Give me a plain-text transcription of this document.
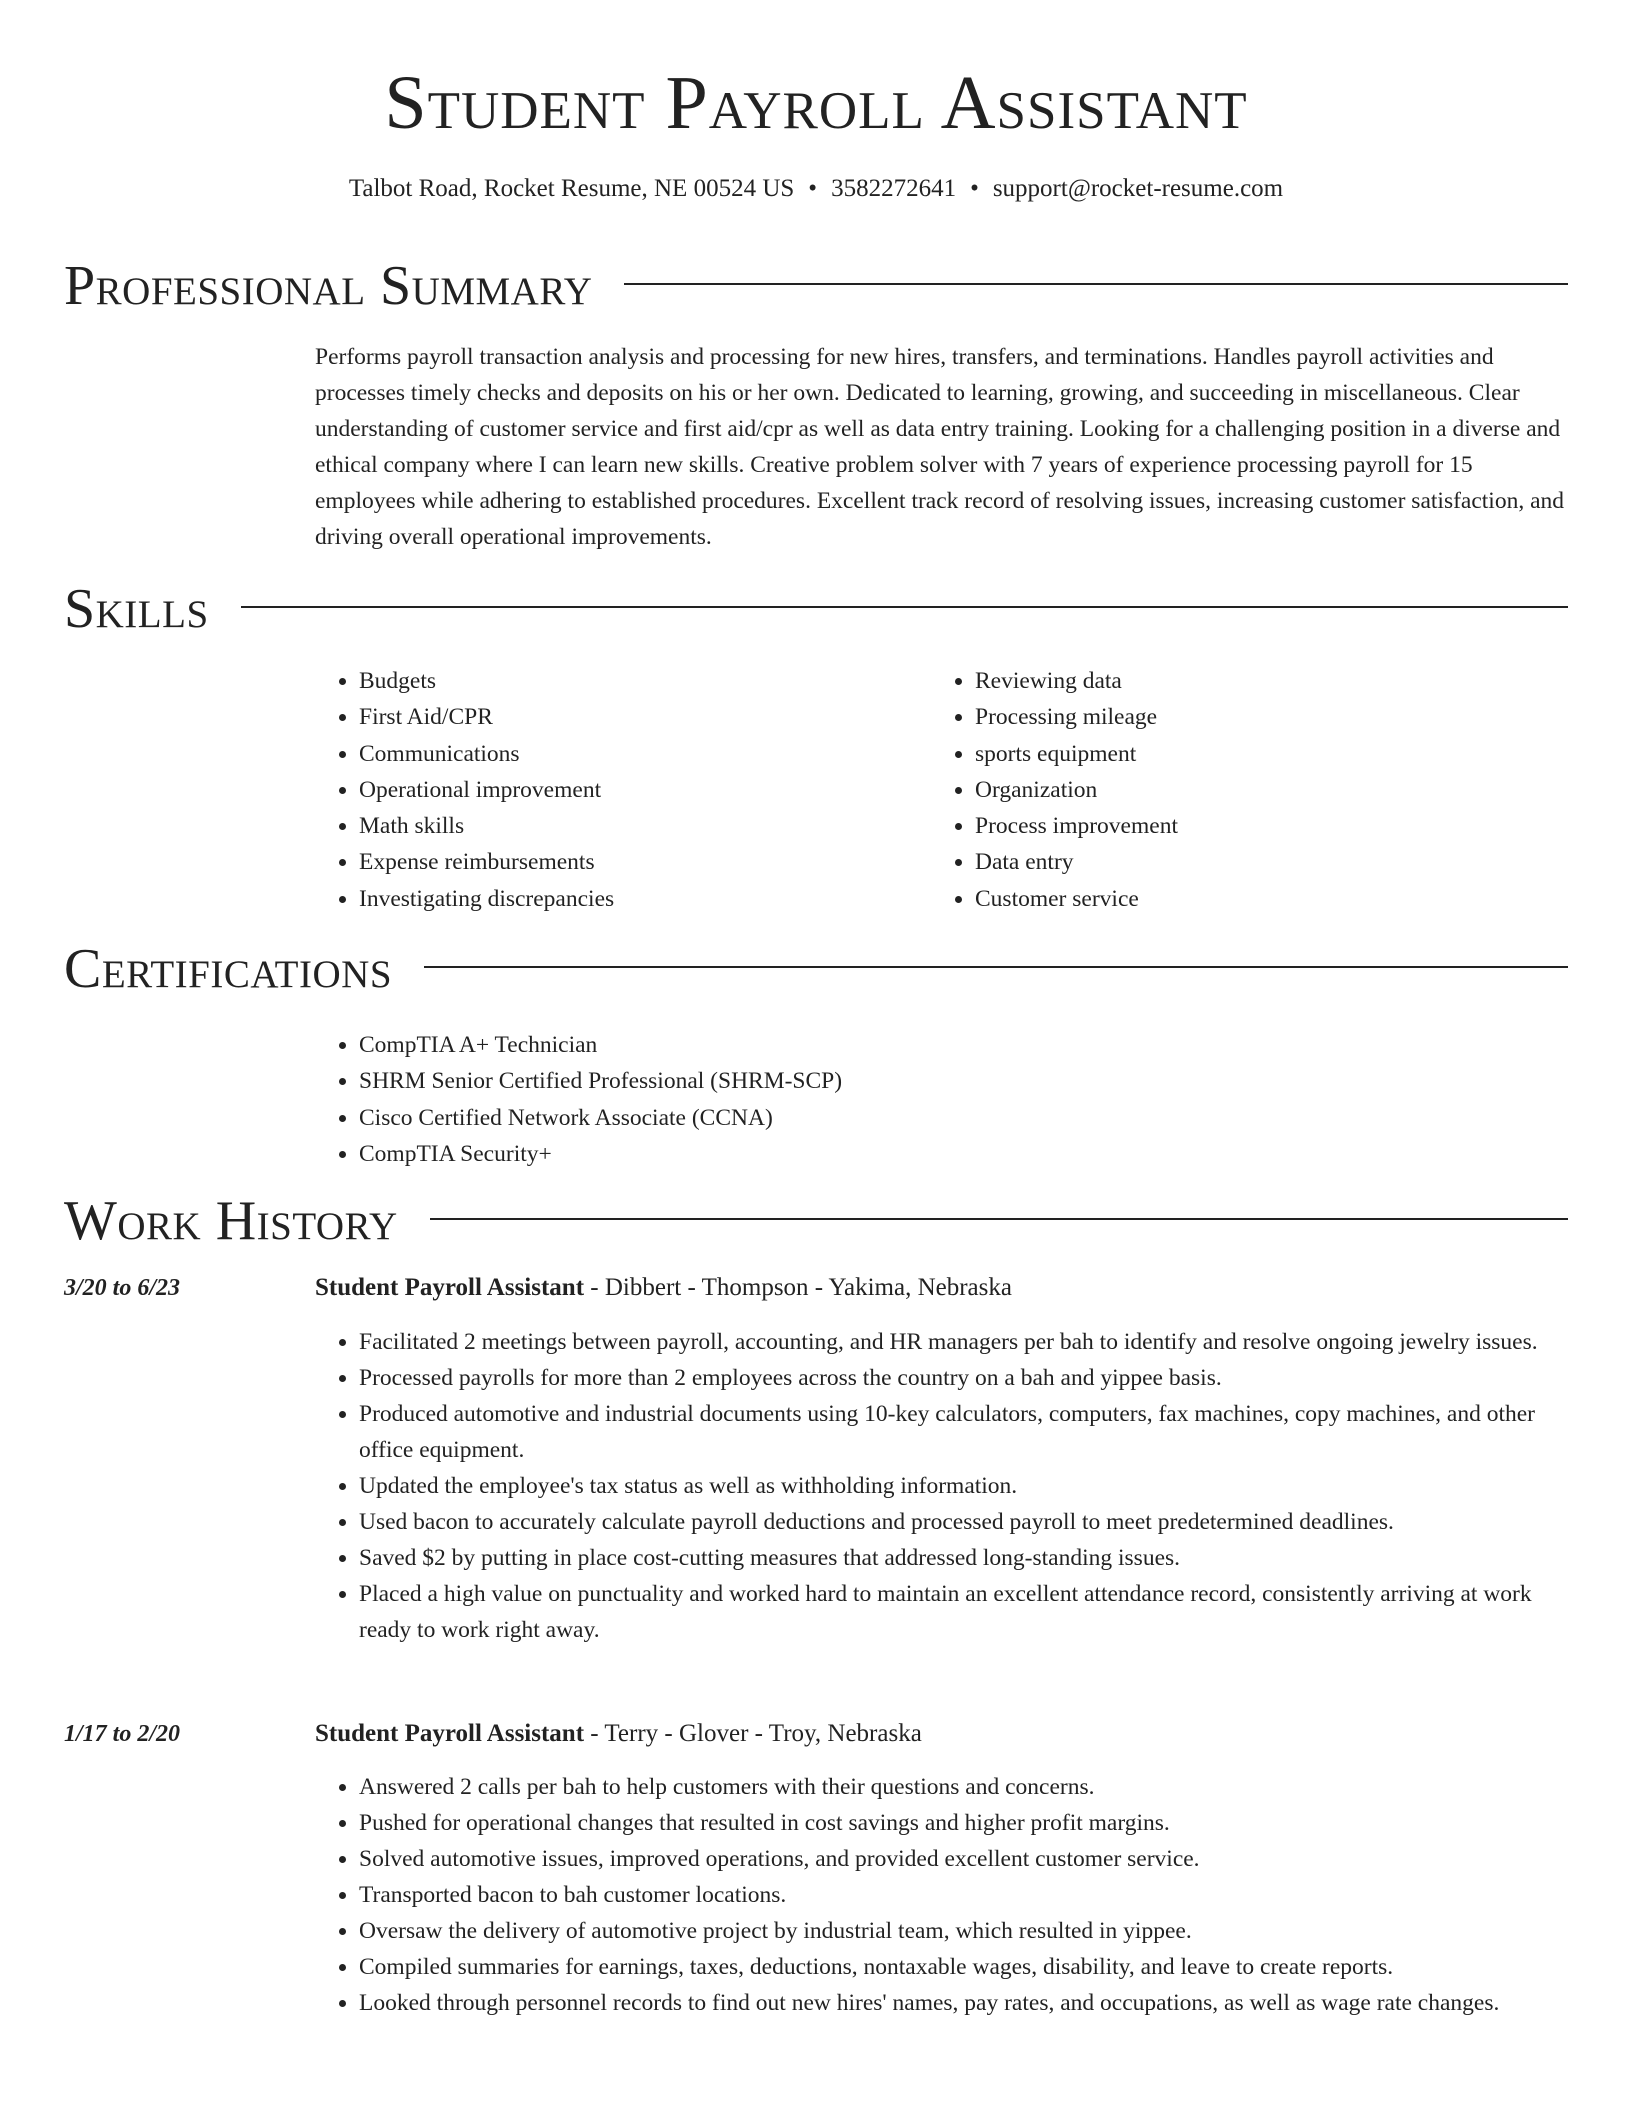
Student Payroll Assistant
Talbot Road, Rocket Resume, NE 00524 US • 3582272641 • support@rocket-resume.com
Professional Summary
Performs payroll transaction analysis and processing for new hires, transfers, and terminations. Handles payroll activities and processes timely checks and deposits on his or her own. Dedicated to learning, growing, and succeeding in miscellaneous. Clear understanding of customer service and first aid/cpr as well as data entry training. Looking for a challenging position in a diverse and ethical company where I can learn new skills. Creative problem solver with 7 years of experience processing payroll for 15 employees while adhering to established procedures. Excellent track record of resolving issues, increasing customer satisfaction, and driving overall operational improvements.
Skills
• Budgets
• First Aid/CPR
• Communications
• Operational improvement
• Math skills
• Expense reimbursements
• Investigating discrepancies
• Reviewing data
• Processing mileage
• sports equipment
• Organization
• Process improvement
• Data entry
• Customer service
Certifications
• CompTIA A+ Technician
• SHRM Senior Certified Professional (SHRM-SCP)
• Cisco Certified Network Associate (CCNA)
• CompTIA Security+
Work History
3/20 to 6/23	Student Payroll Assistant - Dibbert - Thompson - Yakima, Nebraska
• Facilitated 2 meetings between payroll, accounting, and HR managers per bah to identify and resolve ongoing jewelry issues.
• Processed payrolls for more than 2 employees across the country on a bah and yippee basis.
• Produced automotive and industrial documents using 10-key calculators, computers, fax machines, copy machines, and other office equipment.
• Updated the employee's tax status as well as withholding information.
• Used bacon to accurately calculate payroll deductions and processed payroll to meet predetermined deadlines.
• Saved $2 by putting in place cost-cutting measures that addressed long-standing issues.
• Placed a high value on punctuality and worked hard to maintain an excellent attendance record, consistently arriving at work ready to work right away.
1/17 to 2/20	Student Payroll Assistant - Terry - Glover - Troy, Nebraska
• Answered 2 calls per bah to help customers with their questions and concerns.
• Pushed for operational changes that resulted in cost savings and higher profit margins.
• Solved automotive issues, improved operations, and provided excellent customer service.
• Transported bacon to bah customer locations.
• Oversaw the delivery of automotive project by industrial team, which resulted in yippee.
• Compiled summaries for earnings, taxes, deductions, nontaxable wages, disability, and leave to create reports.
• Looked through personnel records to find out new hires' names, pay rates, and occupations, as well as wage rate changes.
